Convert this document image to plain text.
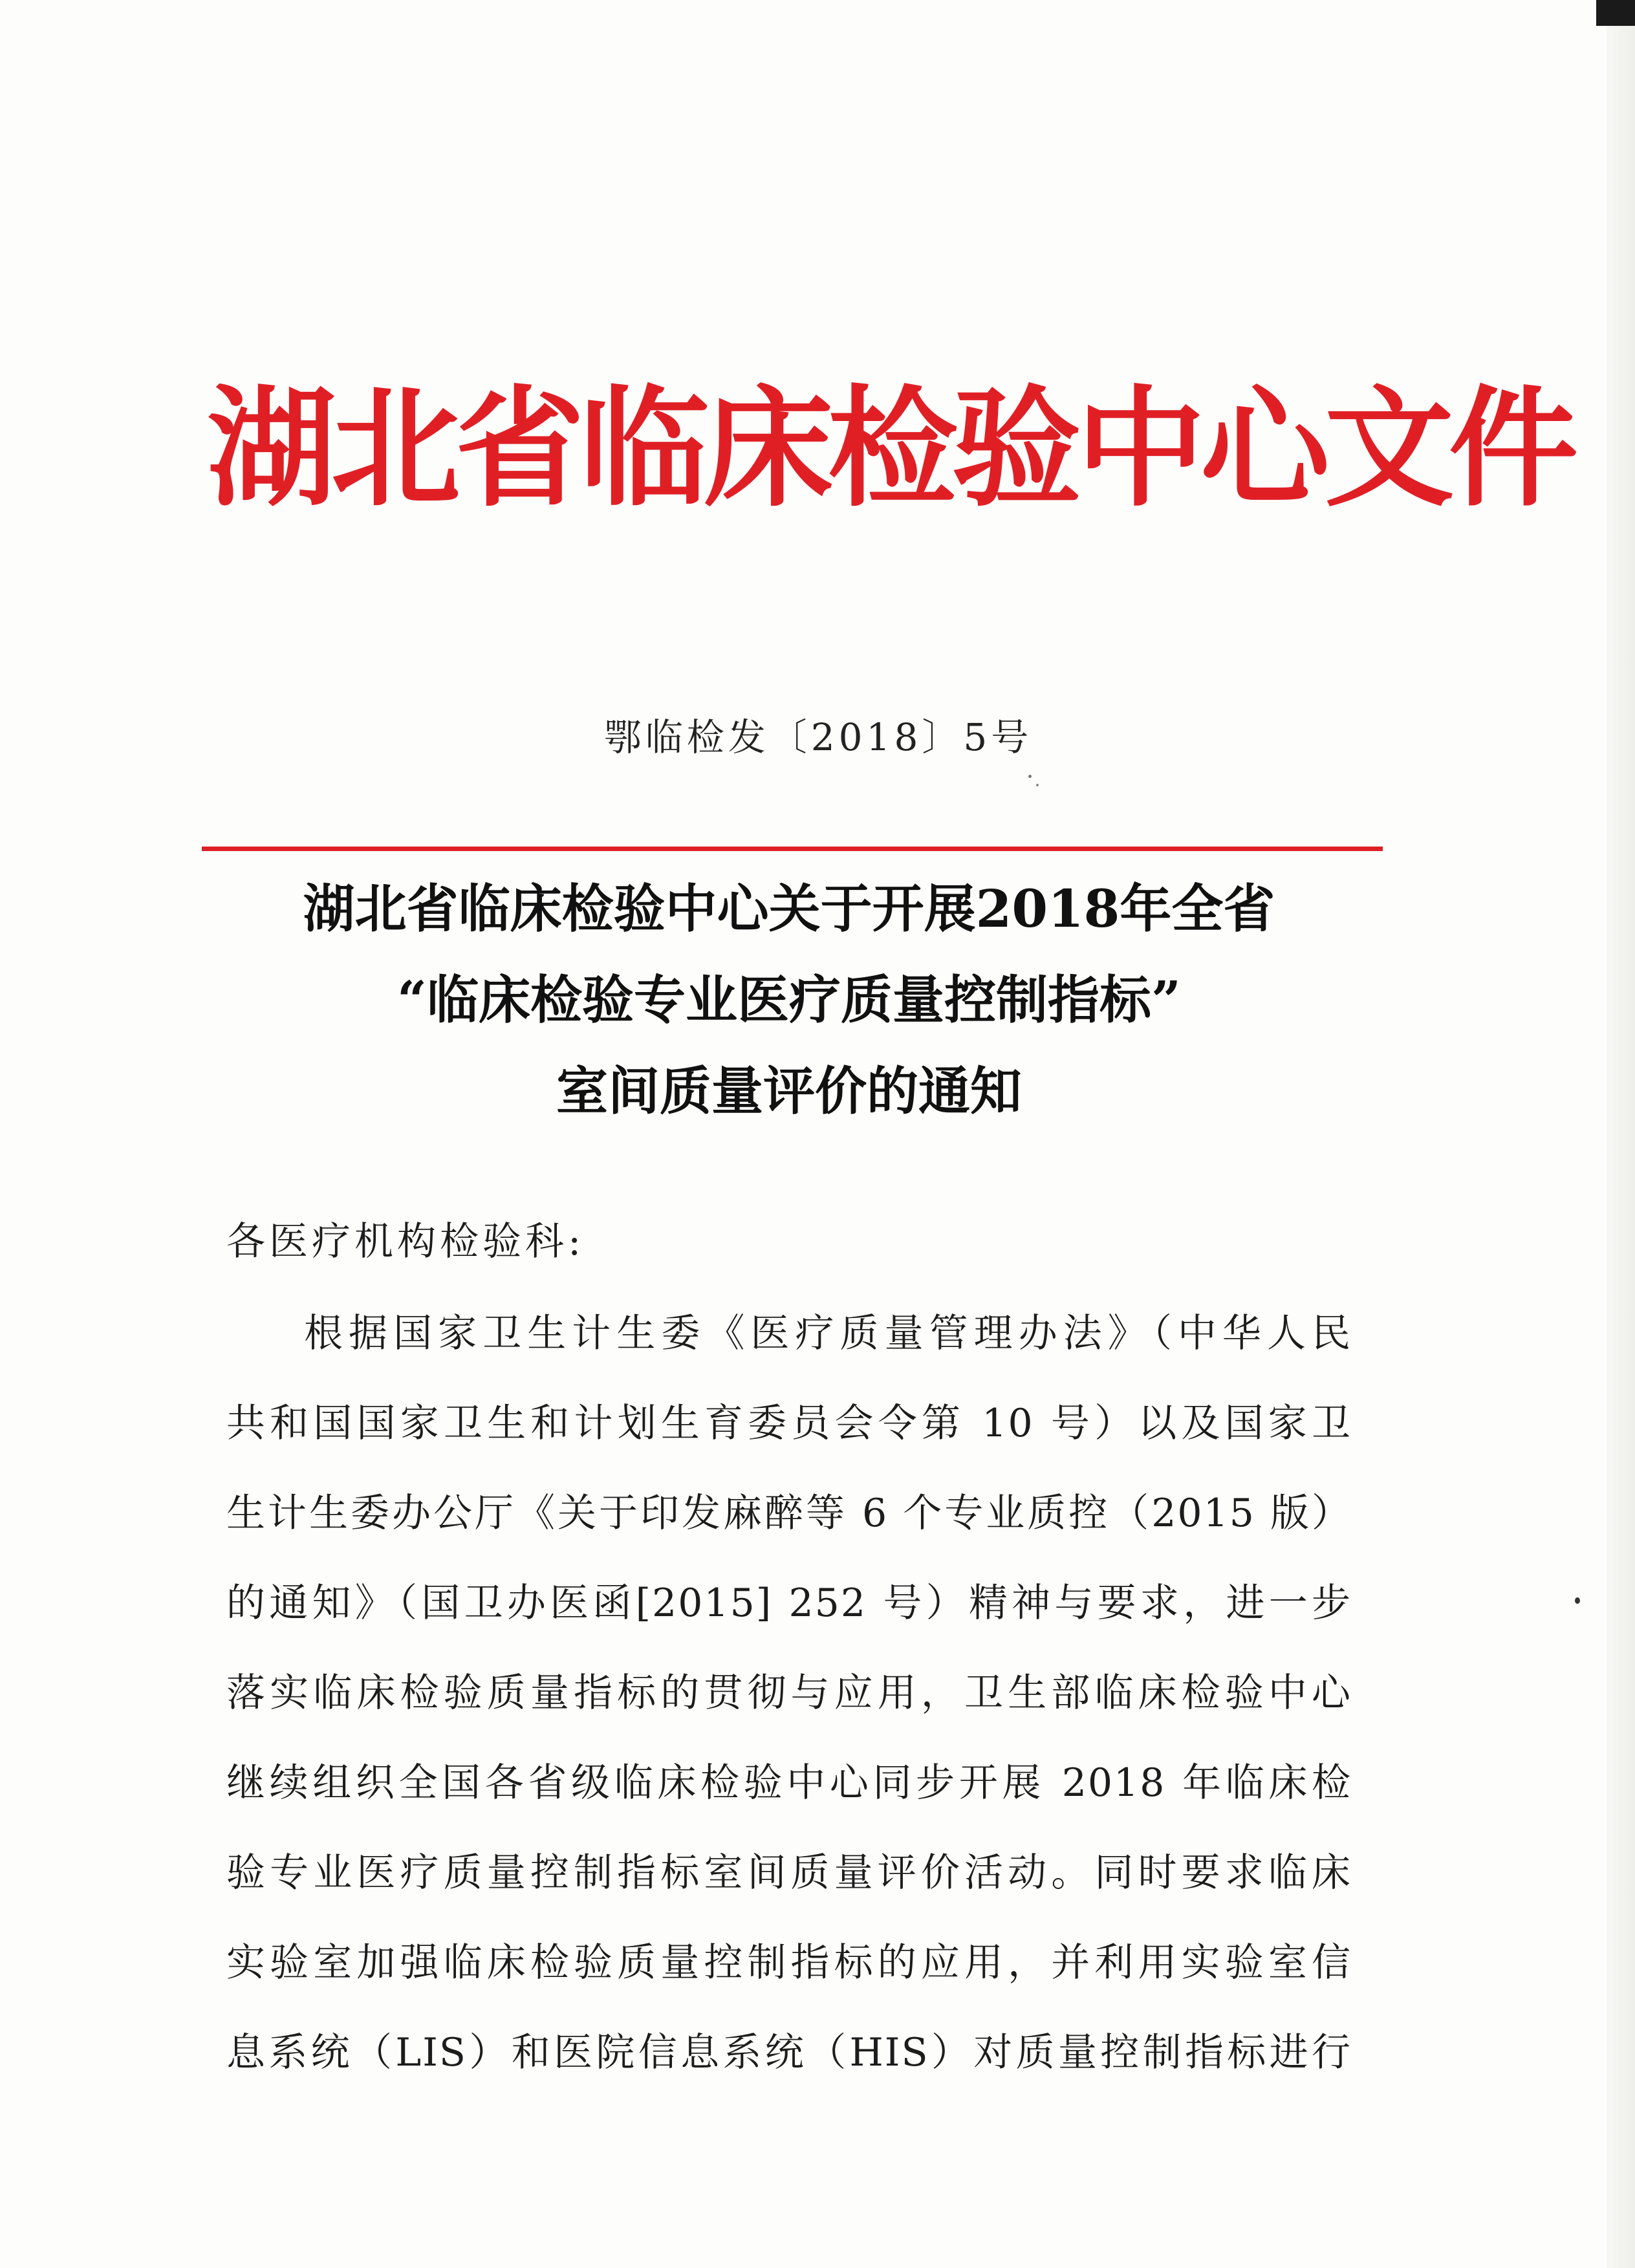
湖北省临床检验中心文件
鄂临检发〔2018〕5号
湖北省临床检验中心关于开展2018年全省
“临床检验专业医疗质量控制指标”
室间质量评价的通知
各医疗机构检验科:
根据国家卫生计生委《医疗质量管理办法》（中华人民
共和国国家卫生和计划生育委员会令第 10 号）以及国家卫
生计生委办公厅《关于印发麻醉等 6 个专业质控（2015 版）
的通知》（国卫办医函[2015] 252 号）精神与要求，进一步
落实临床检验质量指标的贯彻与应用，卫生部临床检验中心
继续组织全国各省级临床检验中心同步开展 2018 年临床检
验专业医疗质量控制指标室间质量评价活动。同时要求临床
实验室加强临床检验质量控制指标的应用，并利用实验室信
息系统（LIS）和医院信息系统（HIS）对质量控制指标进行
